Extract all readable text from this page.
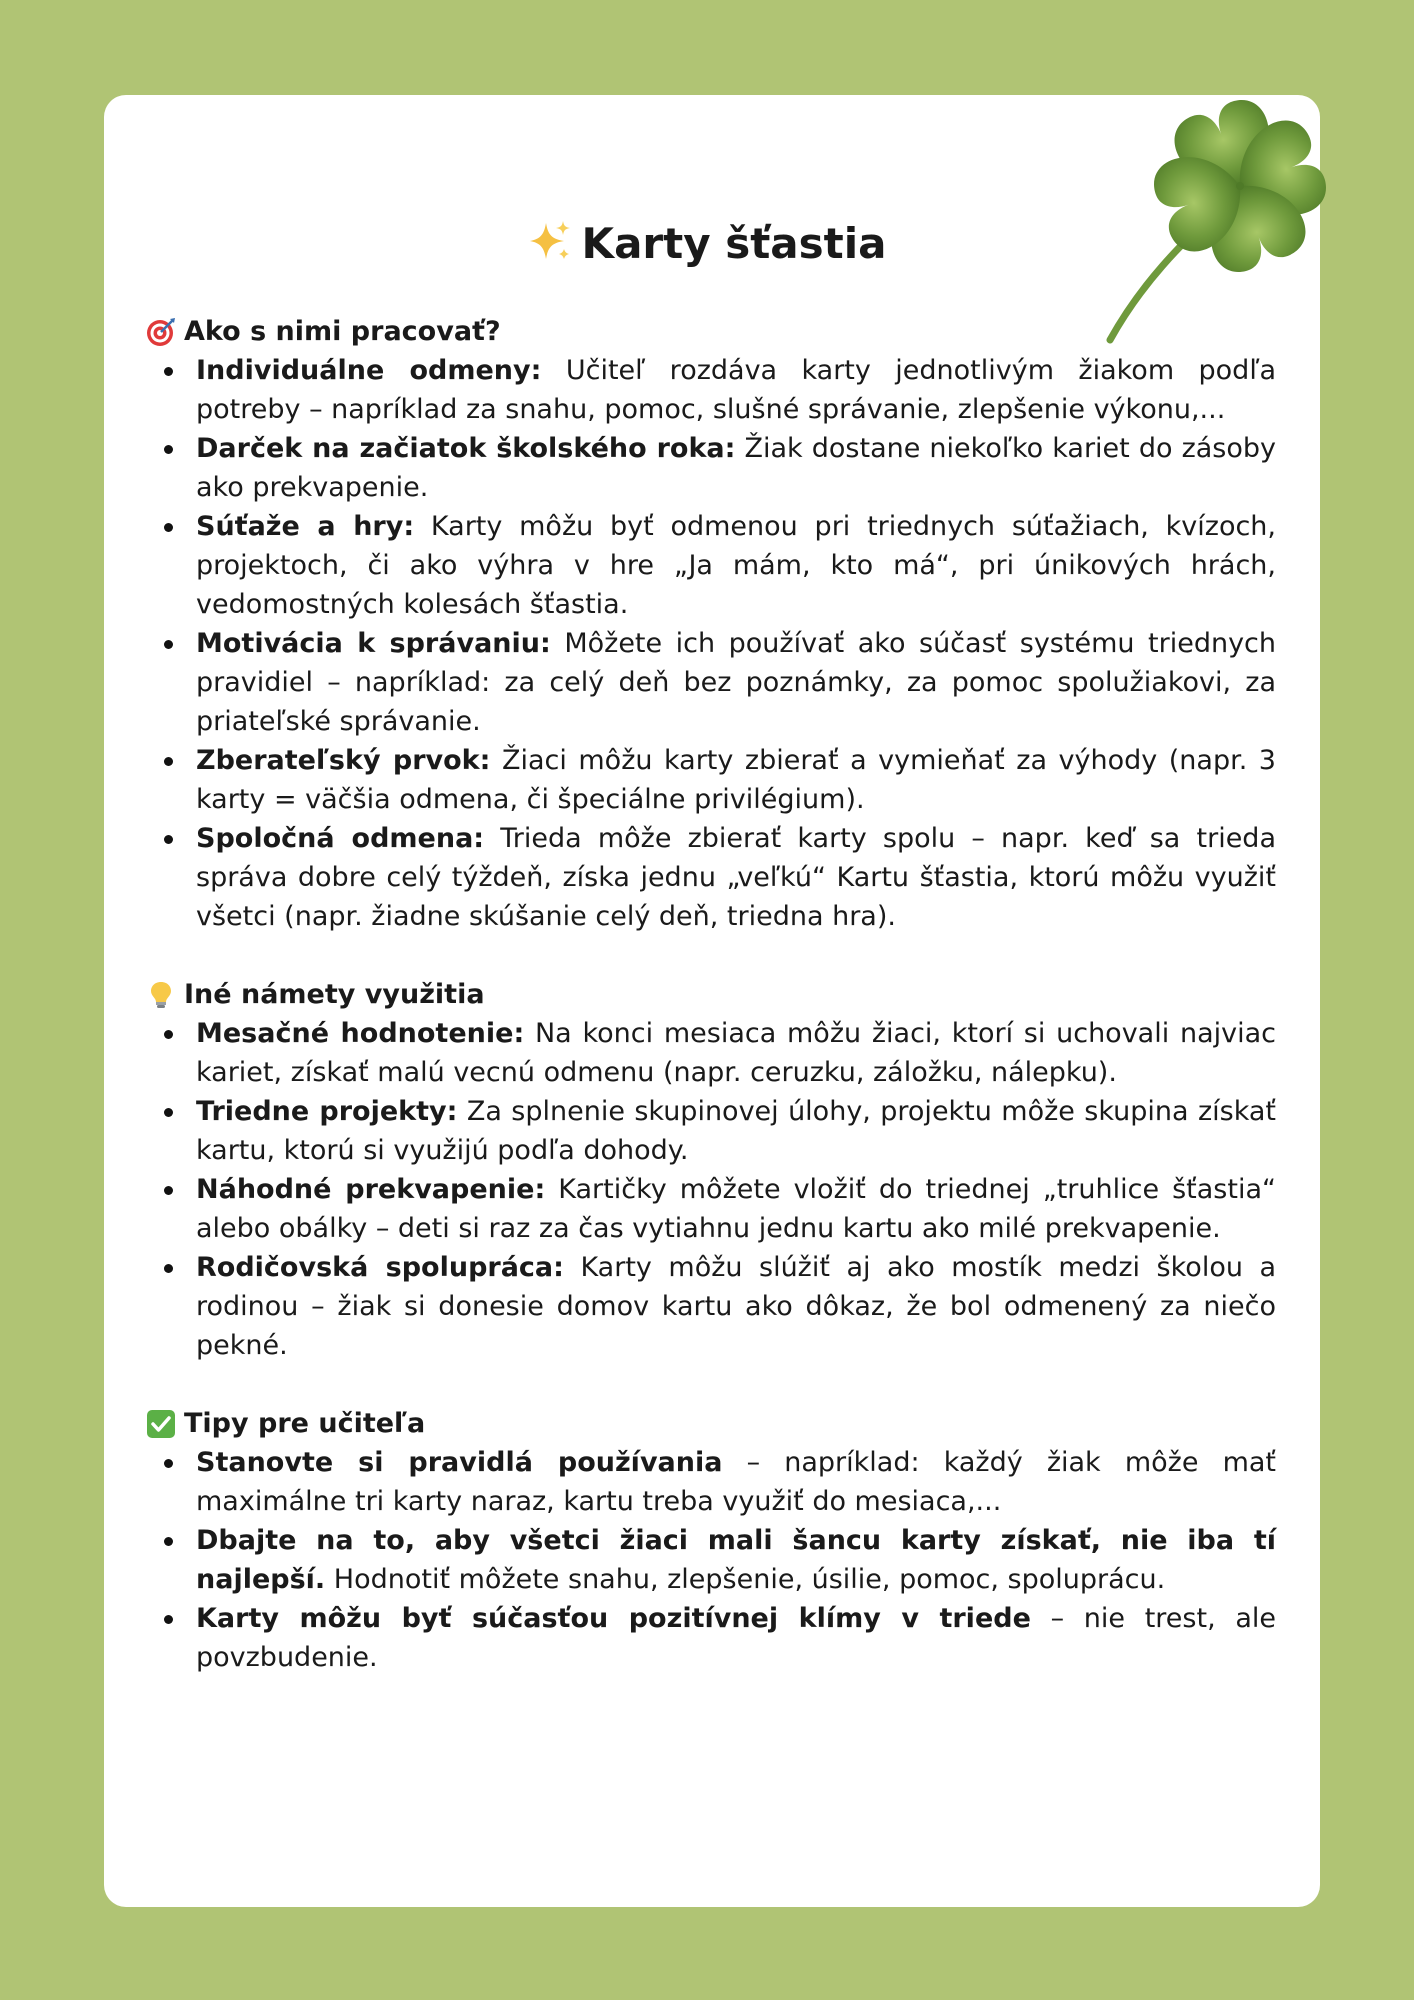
Karty šťastia

Ako s nimi pracovať?

Individuálne odmeny: Učiteľ rozdáva karty jednotlivým žiakom podľa potreby – napríklad za snahu, pomoc, slušné správanie, zlepšenie výkonu,...
Darček na začiatok školského roka: Žiak dostane niekoľko kariet do zásoby ako prekvapenie.
Súťaže a hry: Karty môžu byť odmenou pri triednych súťažiach, kvízoch, projektoch, či ako výhra v hre „Ja mám, kto má“, pri únikových hrách, vedomostných kolesách šťastia.
Motivácia k správaniu: Môžete ich používať ako súčasť systému triednych pravidiel – napríklad: za celý deň bez poznámky, za pomoc spolužiakovi, za priateľské správanie.
Zberateľský prvok: Žiaci môžu karty zbierať a vymieňať za výhody (napr. 3 karty = väčšia odmena, či špeciálne privilégium).
Spoločná odmena: Trieda môže zbierať karty spolu – napr. keď sa trieda správa dobre celý týždeň, získa jednu „veľkú“ Kartu šťastia, ktorú môžu využiť všetci (napr. žiadne skúšanie celý deň, triedna hra).

Iné námety využitia

Mesačné hodnotenie: Na konci mesiaca môžu žiaci, ktorí si uchovali najviac kariet, získať malú vecnú odmenu (napr. ceruzku, záložku, nálepku).
Triedne projekty: Za splnenie skupinovej úlohy, projektu môže skupina získať kartu, ktorú si využijú podľa dohody.
Náhodné prekvapenie: Kartičky môžete vložiť do triednej „truhlice šťastia“ alebo obálky – deti si raz za čas vytiahnu jednu kartu ako milé prekvapenie.
Rodičovská spolupráca: Karty môžu slúžiť aj ako mostík medzi školou a rodinou – žiak si donesie domov kartu ako dôkaz, že bol odmenený za niečo pekné.

Tipy pre učiteľa

Stanovte si pravidlá používania – napríklad: každý žiak môže mať maximálne tri karty naraz, kartu treba využiť do mesiaca,...
Dbajte na to, aby všetci žiaci mali šancu karty získať, nie iba tí najlepší. Hodnotiť môžete snahu, zlepšenie, úsilie, pomoc, spoluprácu.
Karty môžu byť súčasťou pozitívnej klímy v triede – nie trest, ale povzbudenie.
